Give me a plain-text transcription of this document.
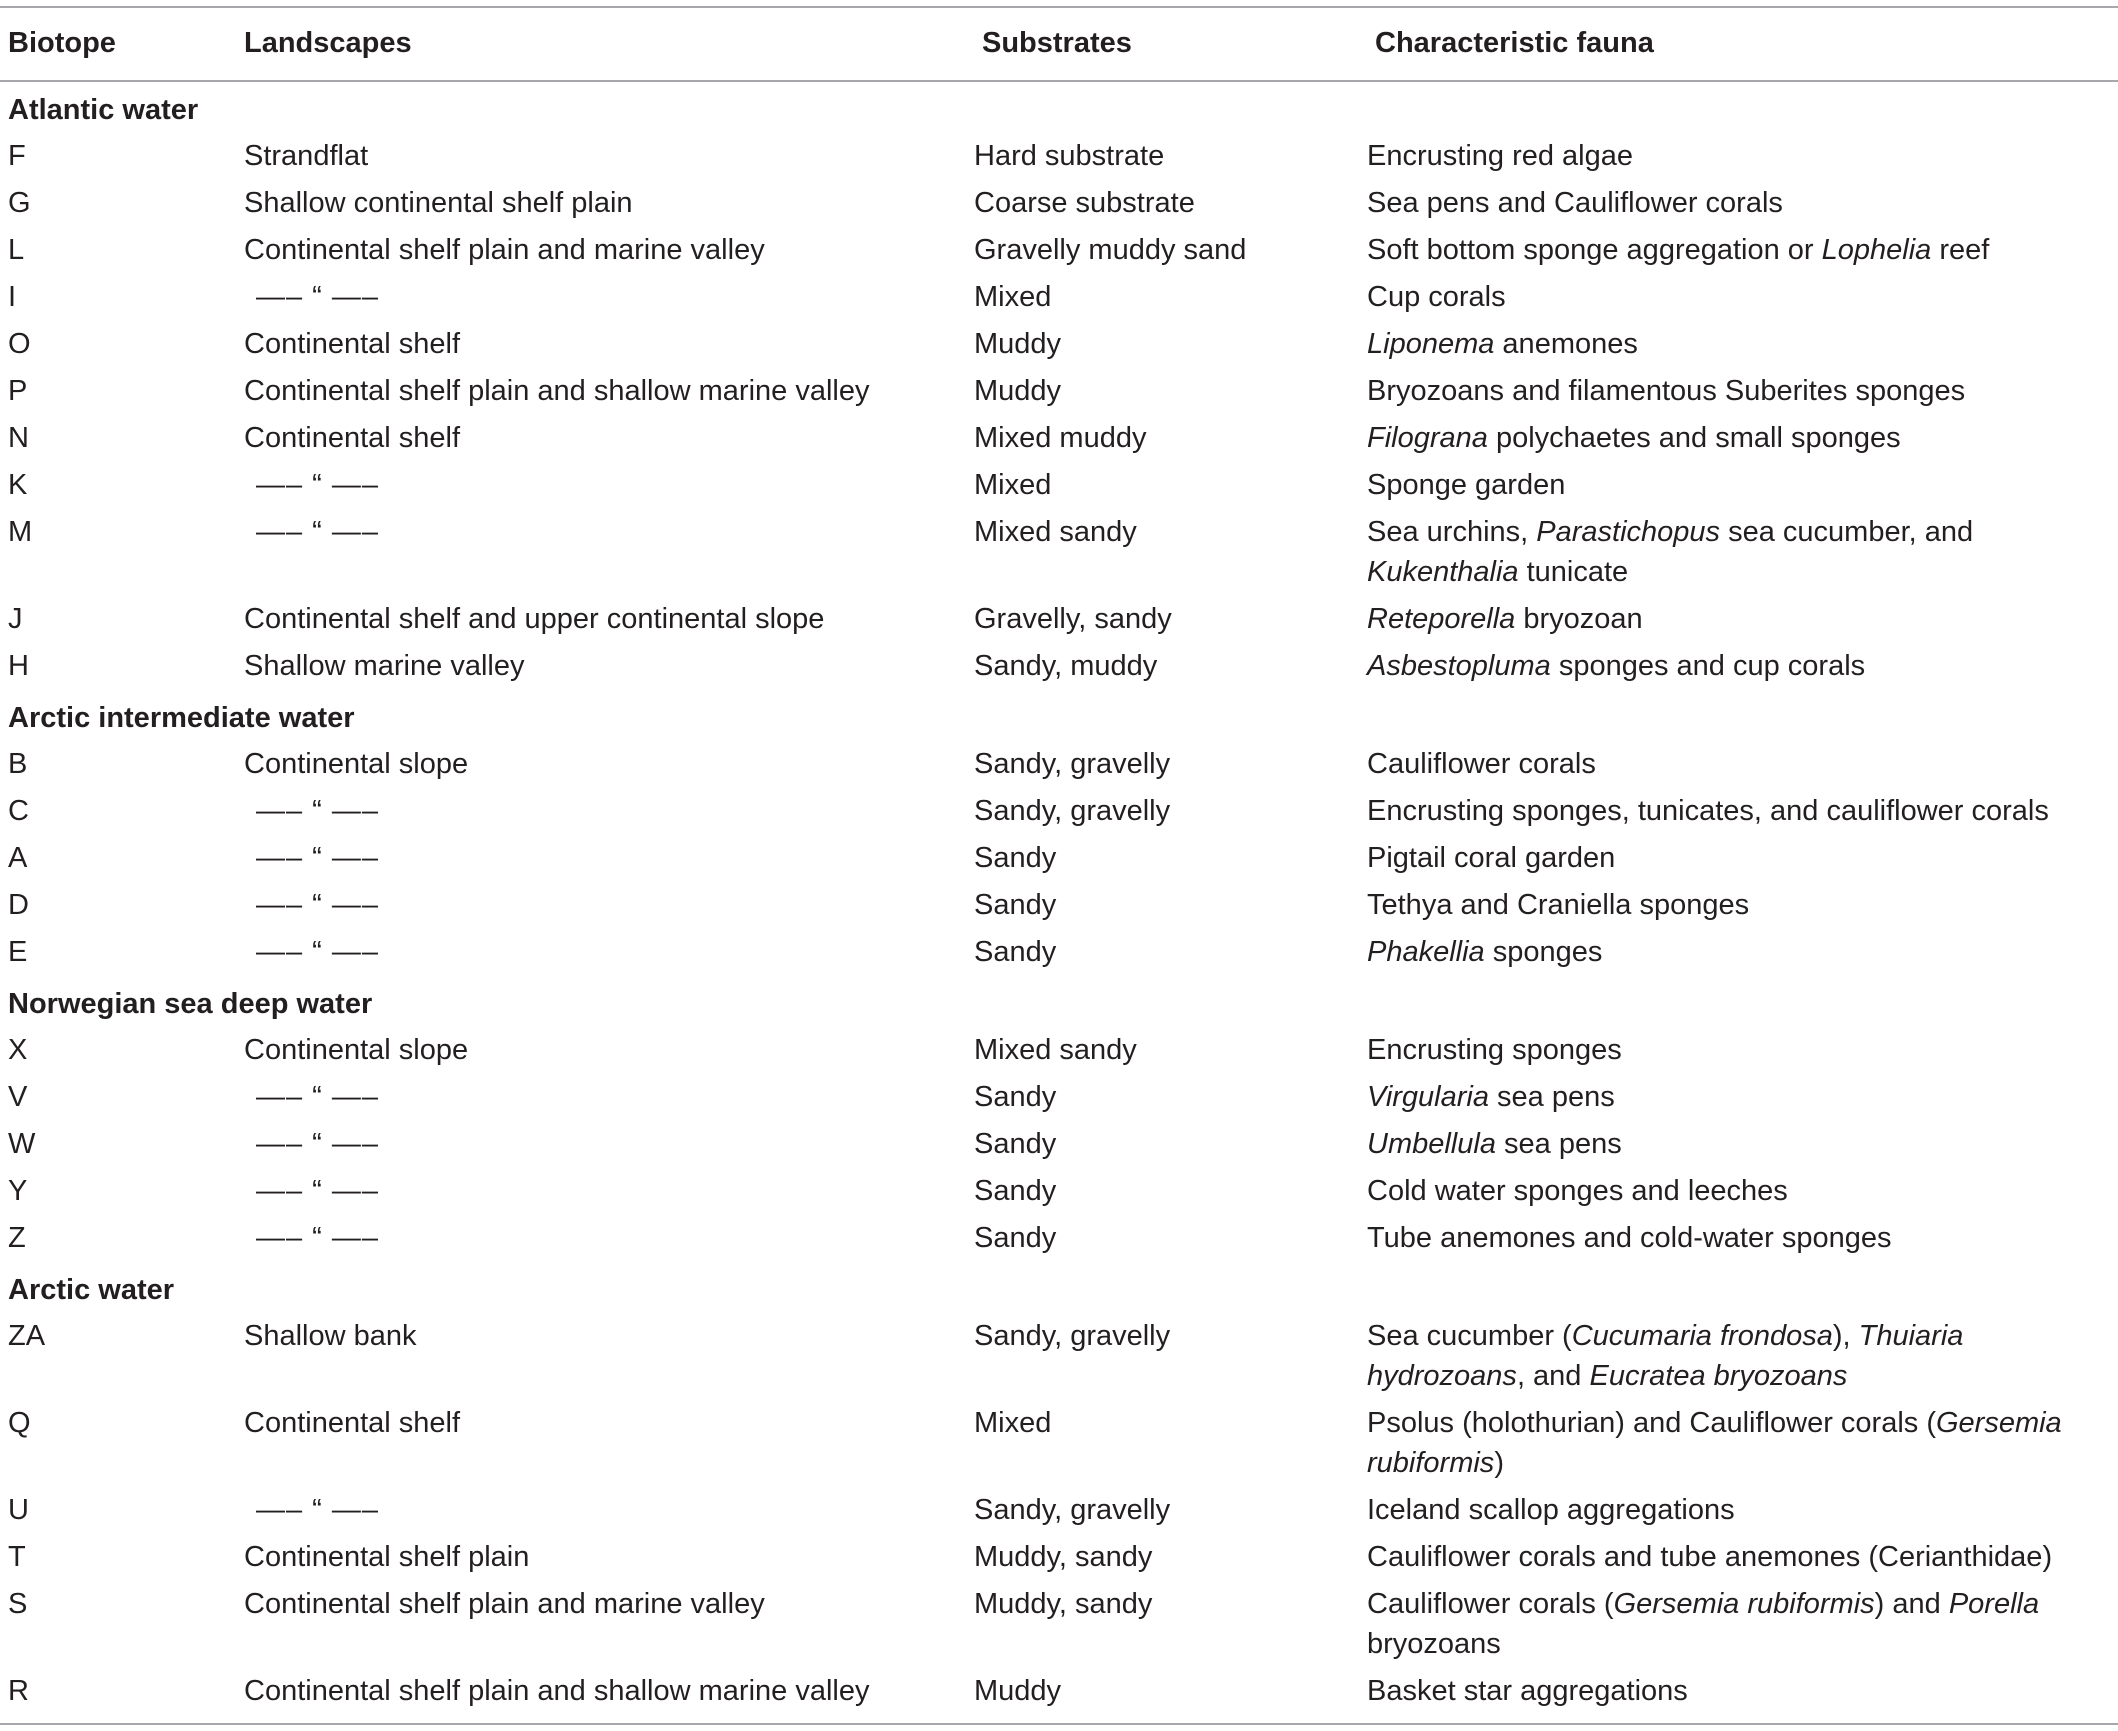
Biotope	Landscapes	Substrates	Characteristic fauna
Atlantic water			
F	Strandflat	Hard substrate	Encrusting red algae
G	Shallow continental shelf plain	Coarse substrate	Sea pens and Cauliflower corals
L	Continental shelf plain and marine valley	Gravelly muddy sand	Soft bottom sponge aggregation or Lophelia reef
I	—– “ —–	Mixed	Cup corals
O	Continental shelf	Muddy	Liponema anemones
P	Continental shelf plain and shallow marine valley	Muddy	Bryozoans and filamentous Suberites sponges
N	Continental shelf	Mixed muddy	Filograna polychaetes and small sponges
K	—– “ —–	Mixed	Sponge garden
M	—– “ —–	Mixed sandy	Sea urchins, Parastichopus sea cucumber, and Kukenthalia tunicate
J	Continental shelf and upper continental slope	Gravelly, sandy	Reteporella bryozoan
H	Shallow marine valley	Sandy, muddy	Asbestopluma sponges and cup corals
Arctic intermediate water			
B	Continental slope	Sandy, gravelly	Cauliflower corals
C	—– “ —–	Sandy, gravelly	Encrusting sponges, tunicates, and cauliflower corals
A	—– “ —–	Sandy	Pigtail coral garden
D	—– “ —–	Sandy	Tethya and Craniella sponges
E	—– “ —–	Sandy	Phakellia sponges
Norwegian sea deep water			
X	Continental slope	Mixed sandy	Encrusting sponges
V	—– “ —–	Sandy	Virgularia sea pens
W	—– “ —–	Sandy	Umbellula sea pens
Y	—– “ —–	Sandy	Cold water sponges and leeches
Z	—– “ —–	Sandy	Tube anemones and cold-water sponges
Arctic water			
ZA	Shallow bank	Sandy, gravelly	Sea cucumber (Cucumaria frondosa), Thuiaria hydrozoans, and Eucratea bryozoans
Q	Continental shelf	Mixed	Psolus (holothurian) and Cauliflower corals (Gersemia rubiformis)
U	—– “ —–	Sandy, gravelly	Iceland scallop aggregations
T	Continental shelf plain	Muddy, sandy	Cauliflower corals and tube anemones (Cerianthidae)
S	Continental shelf plain and marine valley	Muddy, sandy	Cauliflower corals (Gersemia rubiformis) and Porella bryozoans
R	Continental shelf plain and shallow marine valley	Muddy	Basket star aggregations
